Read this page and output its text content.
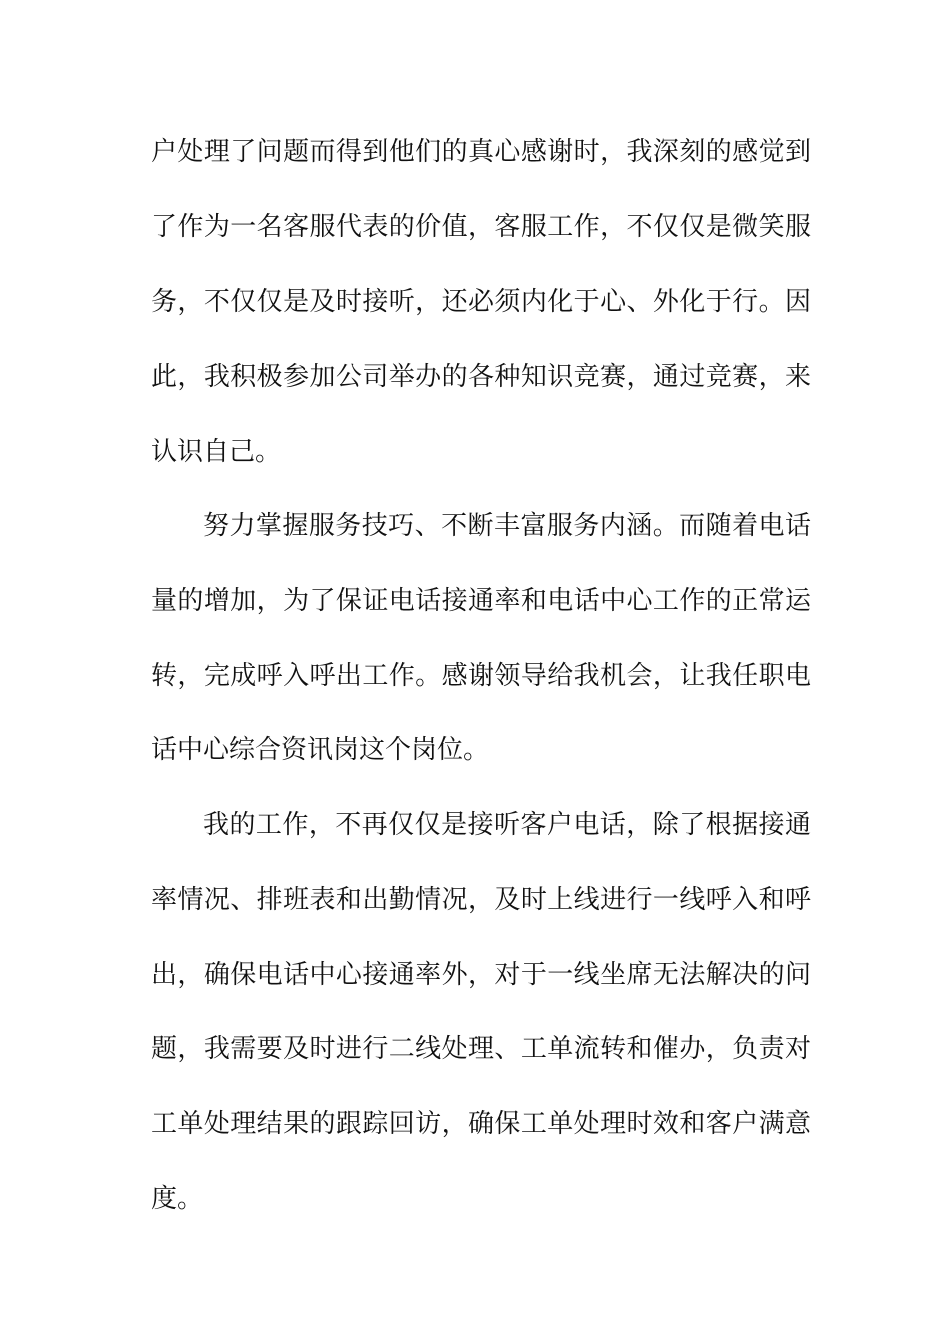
户处理了问题而得到他们的真心感谢时，我深刻的感觉到
了作为一名客服代表的价值，客服工作，不仅仅是微笑服
务，不仅仅是及时接听，还必须内化于心、外化于行。因
此，我积极参加公司举办的各种知识竞赛，通过竞赛，来
认识自己。
努力掌握服务技巧、不断丰富服务内涵。而随着电话
量的增加，为了保证电话接通率和电话中心工作的正常运
转，完成呼入呼出工作。感谢领导给我机会，让我任职电
话中心综合资讯岗这个岗位。
我的工作，不再仅仅是接听客户电话，除了根据接通
率情况、排班表和出勤情况，及时上线进行一线呼入和呼
出，确保电话中心接通率外，对于一线坐席无法解决的问
题，我需要及时进行二线处理、工单流转和催办，负责对
工单处理结果的跟踪回访，确保工单处理时效和客户满意
度。
